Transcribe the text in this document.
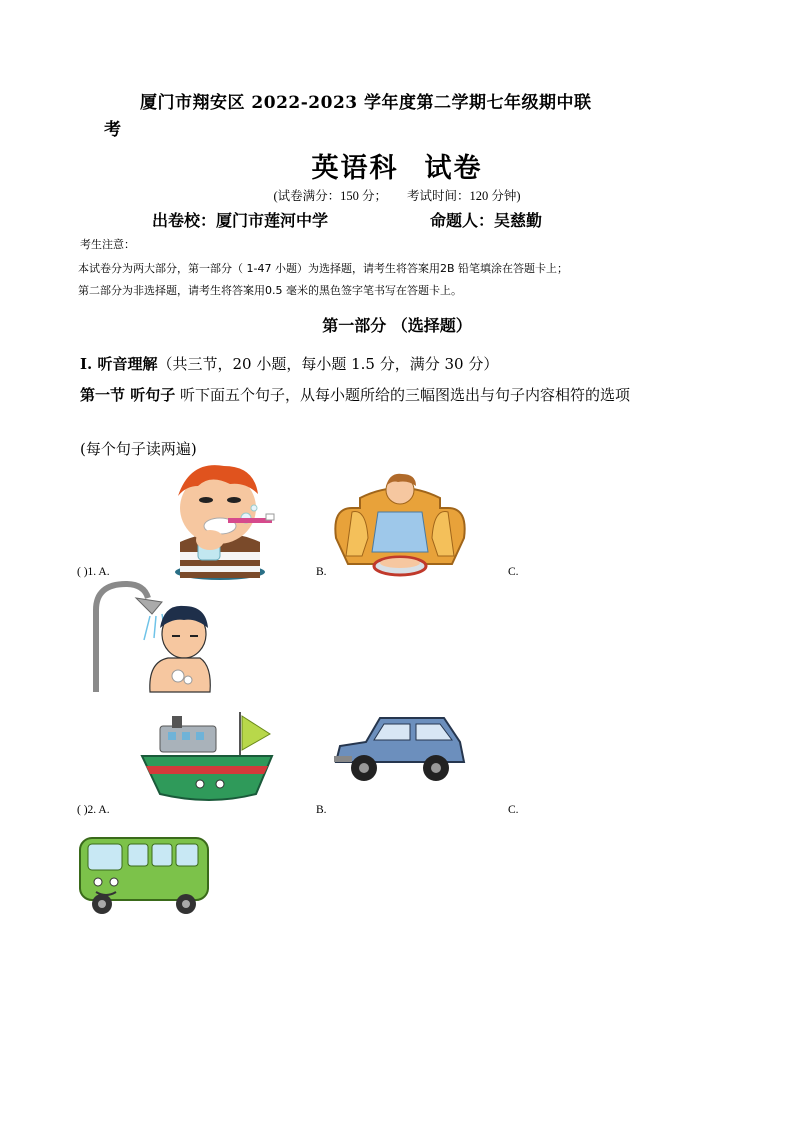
厦门市翔安区 2022-2023 学年度第二学期七年级期中联
考
英语科 试卷
(试卷满分：150 分； 考试时间：120 分钟)
出卷校：厦门市莲河中学	命题人：吴慈勤
考生注意：
本试卷分为两大部分，第一部分（ 1-47 小题）为选择题，请考生将答案用2B 铅笔填涂在答题卡上；
第二部分为非选择题，请考生将答案用0.5 毫米的黑色签字笔书写在答题卡上。
第一部分 （选择题）
I. 听音理解（共三节，20 小题，每小题 1.5 分，满分 30 分）
第一节 听句子 听下面五个句子，从每小题所给的三幅图选出与句子内容相符的选项
(每个句子读两遍)
( )1. A.	B.	C.
( )2. A.	B.	C.
